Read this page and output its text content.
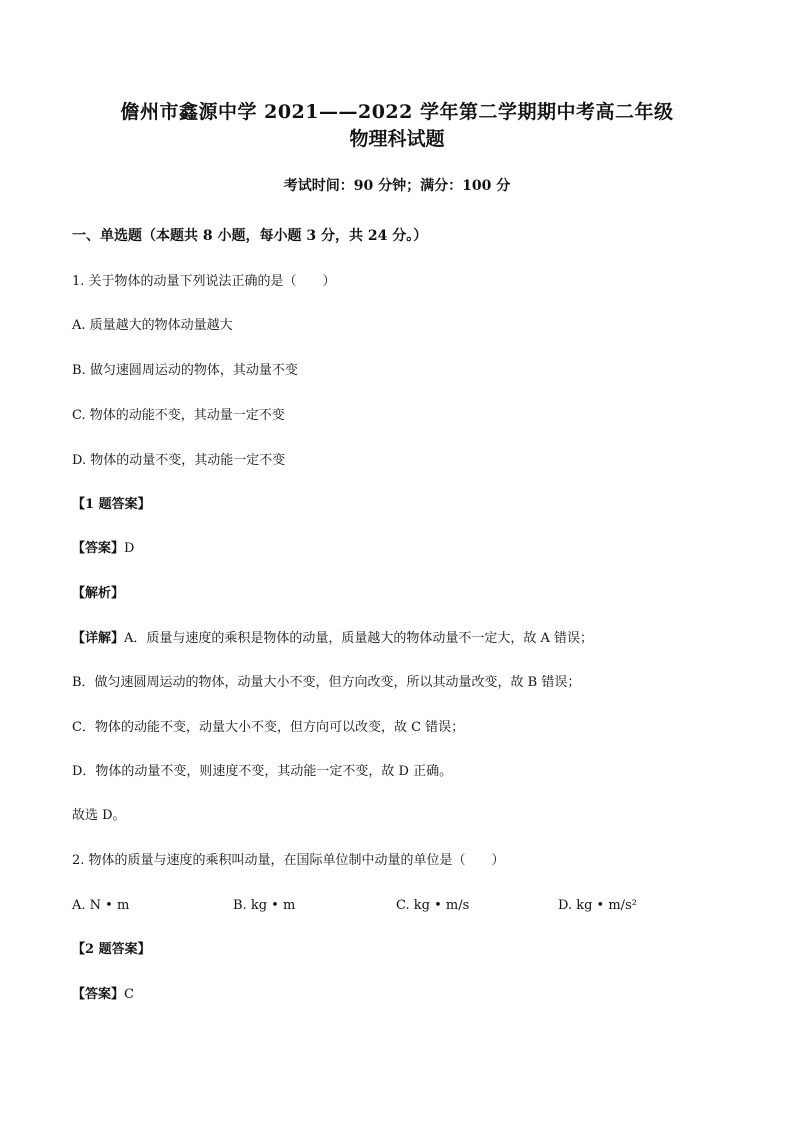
儋州市鑫源中学 2021——2022 学年第二学期期中考高二年级
物理科试题
考试时间：90 分钟；满分：100 分
一、单选题（本题共 8 小题，每小题 3 分，共 24 分。）
1. 关于物体的动量下列说法正确的是（　　）
A. 质量越大的物体动量越大
B. 做匀速圆周运动的物体，其动量不变
C. 物体的动能不变，其动量一定不变
D. 物体的动量不变，其动能一定不变
【1 题答案】
【答案】D
【解析】
【详解】A．质量与速度的乘积是物体的动量，质量越大的物体动量不一定大，故 A 错误；
B．做匀速圆周运动的物体，动量大小不变，但方向改变，所以其动量改变，故 B 错误；
C．物体的动能不变，动量大小不变，但方向可以改变，故 C 错误；
D．物体的动量不变，则速度不变，其动能一定不变，故 D 正确。
故选 D。
2. 物体的质量与速度的乘积叫动量，在国际单位制中动量的单位是（　　）
A. N • m	B. kg • m	C. kg • m/s	D. kg • m/s²
【2 题答案】
【答案】C
